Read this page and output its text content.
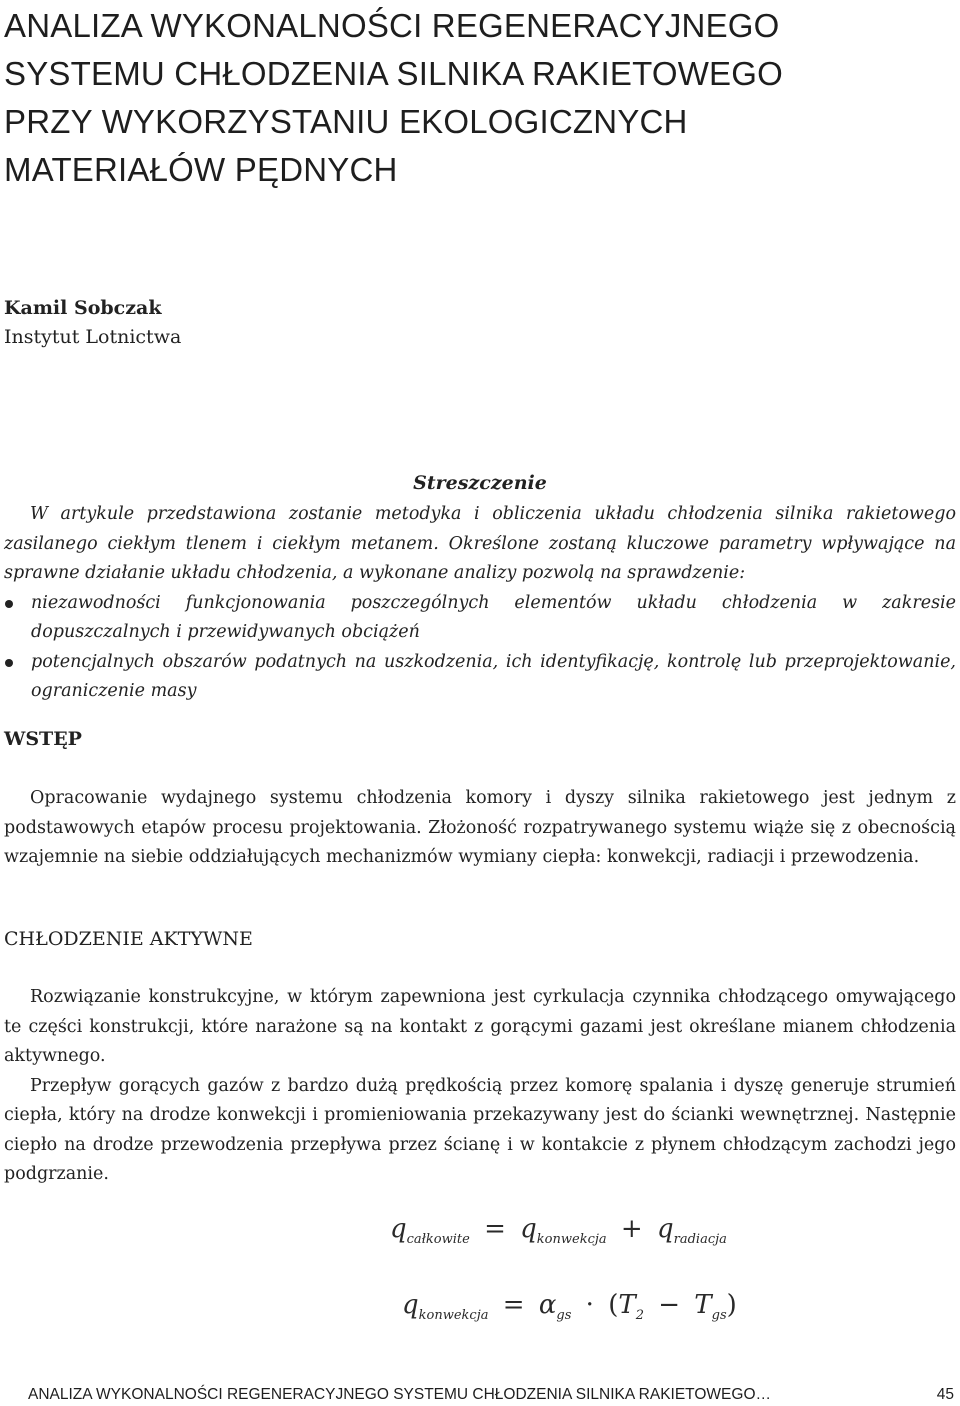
ANALIZA WYKONALNOŚCI REGENERACYJNEGO
SYSTEMU CHŁODZENIA SILNIKA RAKIETOWEGO
PRZY WYKORZYSTANIU EKOLOGICZNYCH
MATERIAŁÓW PĘDNYCH
Kamil Sobczak
Instytut Lotnictwa
Streszczenie
W artykule przedstawiona zostanie metodyka i obliczenia układu chłodzenia silnika rakietowego zasilanego ciekłym tlenem i ciekłym metanem. Określone zostaną kluczowe parametry wpływające na sprawne działanie układu chłodzenia, a wykonane analizy pozwolą na sprawdzenie:
niezawodności funkcjonowania poszczególnych elementów układu chłodzenia w zakresie dopuszczalnych i przewidywanych obciążeń
potencjalnych obszarów podatnych na uszkodzenia, ich identyfikację, kontrolę lub przeprojektowanie, ograniczenie masy
WSTĘP
Opracowanie wydajnego systemu chłodzenia komory i dyszy silnika rakietowego jest jednym z podstawowych etapów procesu projektowania. Złożoność rozpatrywanego systemu wiąże się z obecnością wzajemnie na siebie oddziałujących mechanizmów wymiany ciepła: konwekcji, radiacji i przewodzenia.
CHŁODZENIE AKTYWNE

Rozwiązanie konstrukcyjne, w którym zapewniona jest cyrkulacja czynnika chłodzącego omywającego te części konstrukcji, które narażone są na kontakt z gorącymi gazami jest określane mianem chłodzenia aktywnego.

Przepływ gorących gazów z bardzo dużą prędkością przez komorę spalania i dyszę generuje strumień ciepła, który na drodze konwekcji i promieniowania przekazywany jest do ścianki wewnętrznej. Następnie ciepło na drodze przewodzenia przepływa przez ścianę i w kontakcie z płynem chłodzącym zachodzi jego podgrzanie.

$q_{całkowite} = q_{konwekcja} + q_{radiacja}$
$q_{konwekcja} = \alpha_{gs} \cdot (T_2 - T_{gs})$
ANALIZA WYKONALNOŚCI REGENERACYJNEGO SYSTEMU CHŁODZENIA SILNIKA RAKIETOWEGO…	45
